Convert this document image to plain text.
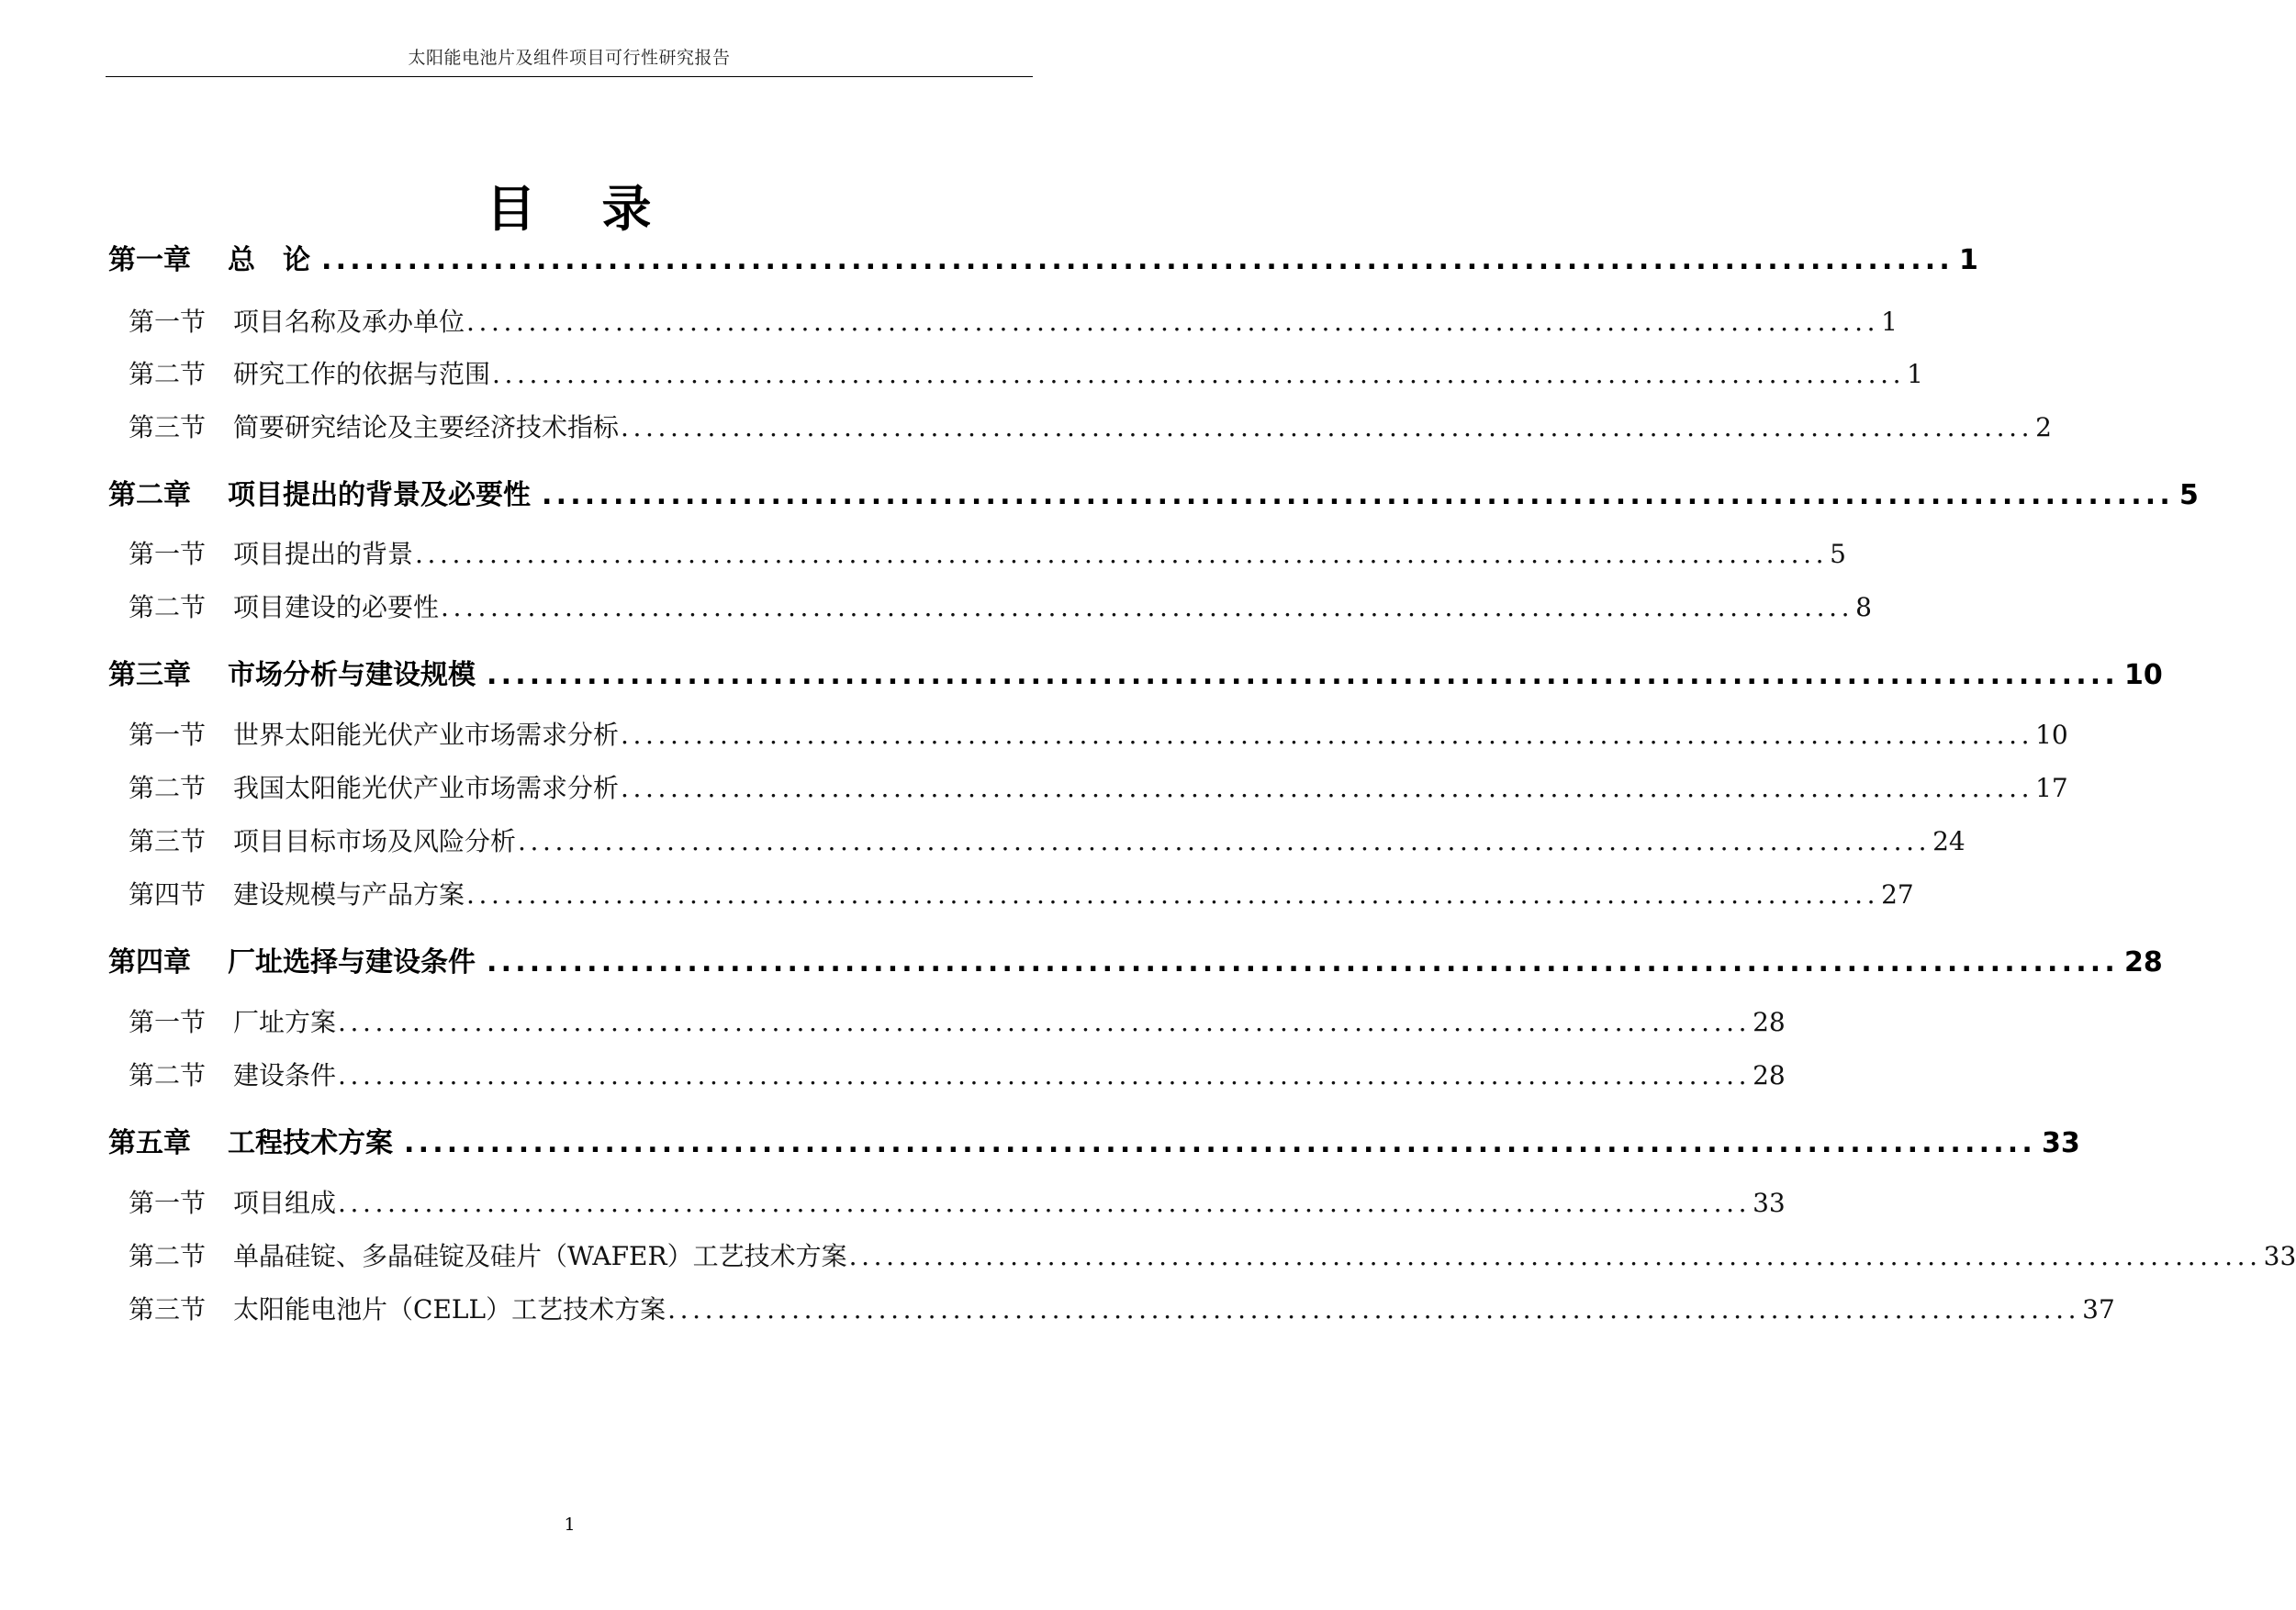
太阳能电池片及组件项目可行性研究报告
目 录
第一章 总　论 .................................................................................................................. 1
第一节 项目名称及承办单位 .................................................................................................................. 1
第二节 研究工作的依据与范围 .................................................................................................................. 1
第三节 简要研究结论及主要经济技术指标 .................................................................................................................. 2
第二章 项目提出的背景及必要性 .................................................................................................................. 5
第一节 项目提出的背景 .................................................................................................................. 5
第二节 项目建设的必要性 .................................................................................................................. 8
第三章 市场分析与建设规模 .................................................................................................................. 10
第一节 世界太阳能光伏产业市场需求分析 .................................................................................................................. 10
第二节 我国太阳能光伏产业市场需求分析 .................................................................................................................. 17
第三节 项目目标市场及风险分析 .................................................................................................................. 24
第四节 建设规模与产品方案 .................................................................................................................. 27
第四章 厂址选择与建设条件 .................................................................................................................. 28
第一节 厂址方案 .................................................................................................................. 28
第二节 建设条件 .................................................................................................................. 28
第五章 工程技术方案 .................................................................................................................. 33
第一节 项目组成 .................................................................................................................. 33
第二节 单晶硅锭、多晶硅锭及硅片（WAFER）工艺技术方案 .................................................................................................................. 33
第三节 太阳能电池片（CELL）工艺技术方案 .................................................................................................................. 37
1
